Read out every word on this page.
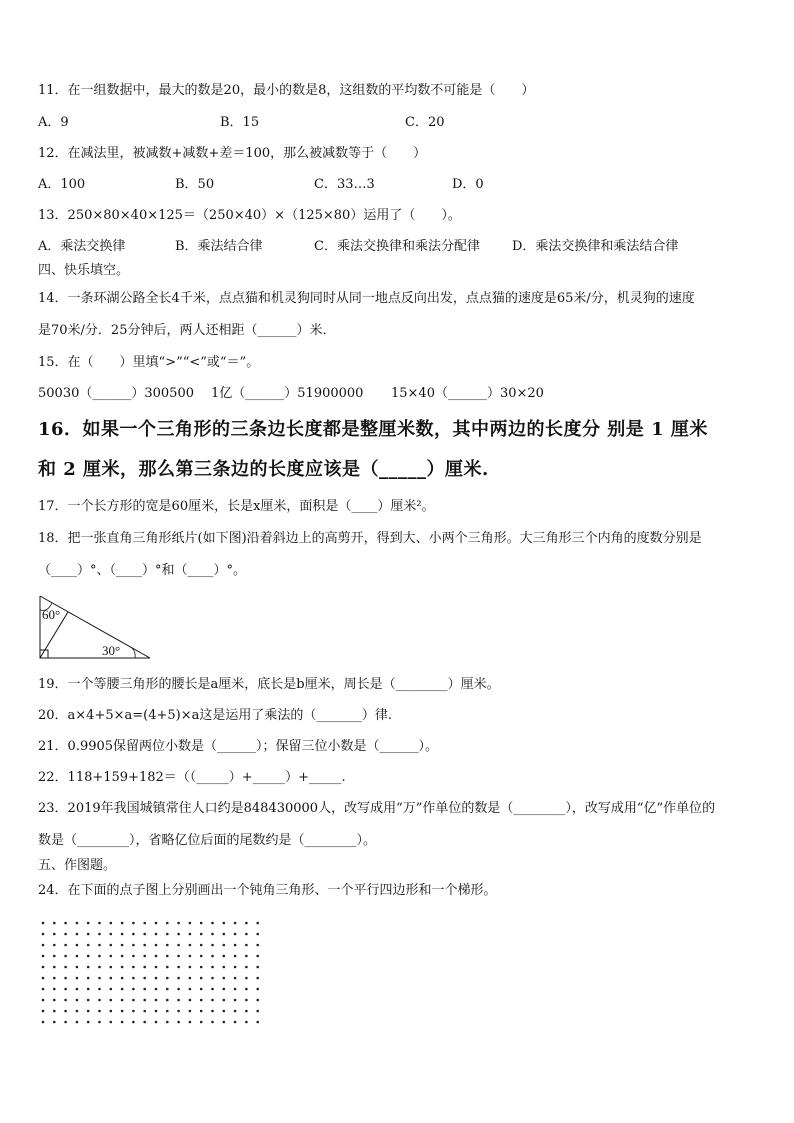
11．在一组数据中，最大的数是20，最小的数是8，这组数的平均数不可能是（　　）
A．9	B．15	C．20
12．在减法里，被减数+减数+差＝100，那么被减数等于（　　）
A．100	B．50	C．33…3	D．0
13．250×80×40×125＝（250×40）×（125×80）运用了（　　）。
A．乘法交换律	B．乘法结合律	C．乘法交换律和乘法分配律 D．乘法交换律和乘法结合律
四、快乐填空。
14．一条环湖公路全长4千米，点点猫和机灵狗同时从同一地点反向出发，点点猫的速度是65米/分，机灵狗的速度
是70米/分．25分钟后，两人还相距（______）米．
15．在（　　）里填“>”“<”或“＝”。
50030（______）300500 1亿（______）51900000 15×40（______）30×20
16．如果一个三角形的三条边长度都是整厘米数，其中两边的长度分 别是 1 厘米
和 2 厘米，那么第三条边的长度应该是（_____）厘米.
17．一个长方形的宽是60厘米，长是x厘米，面积是（____）厘米²。
18．把一张直角三角形纸片(如下图)沿着斜边上的高剪开，得到大、小两个三角形。大三角形三个内角的度数分别是
（____）°、（____）°和（____）°。
60°
30°
19．一个等腰三角形的腰长是a厘米，底长是b厘米，周长是（________）厘米。
20．a×4+5×a=(4+5)×a这是运用了乘法的（_______）律.
21．0.9905保留两位小数是（______）；保留三位小数是（______）。
22．118+159+182＝（（_____）+_____）+_____.
23．2019年我国城镇常住人口约是848430000人，改写成用“万”作单位的数是（________），改写成用“亿”作单位的
数是（________），省略亿位后面的尾数约是（________）。
五、作图题。
24．在下面的点子图上分别画出一个钝角三角形、一个平行四边形和一个梯形。
